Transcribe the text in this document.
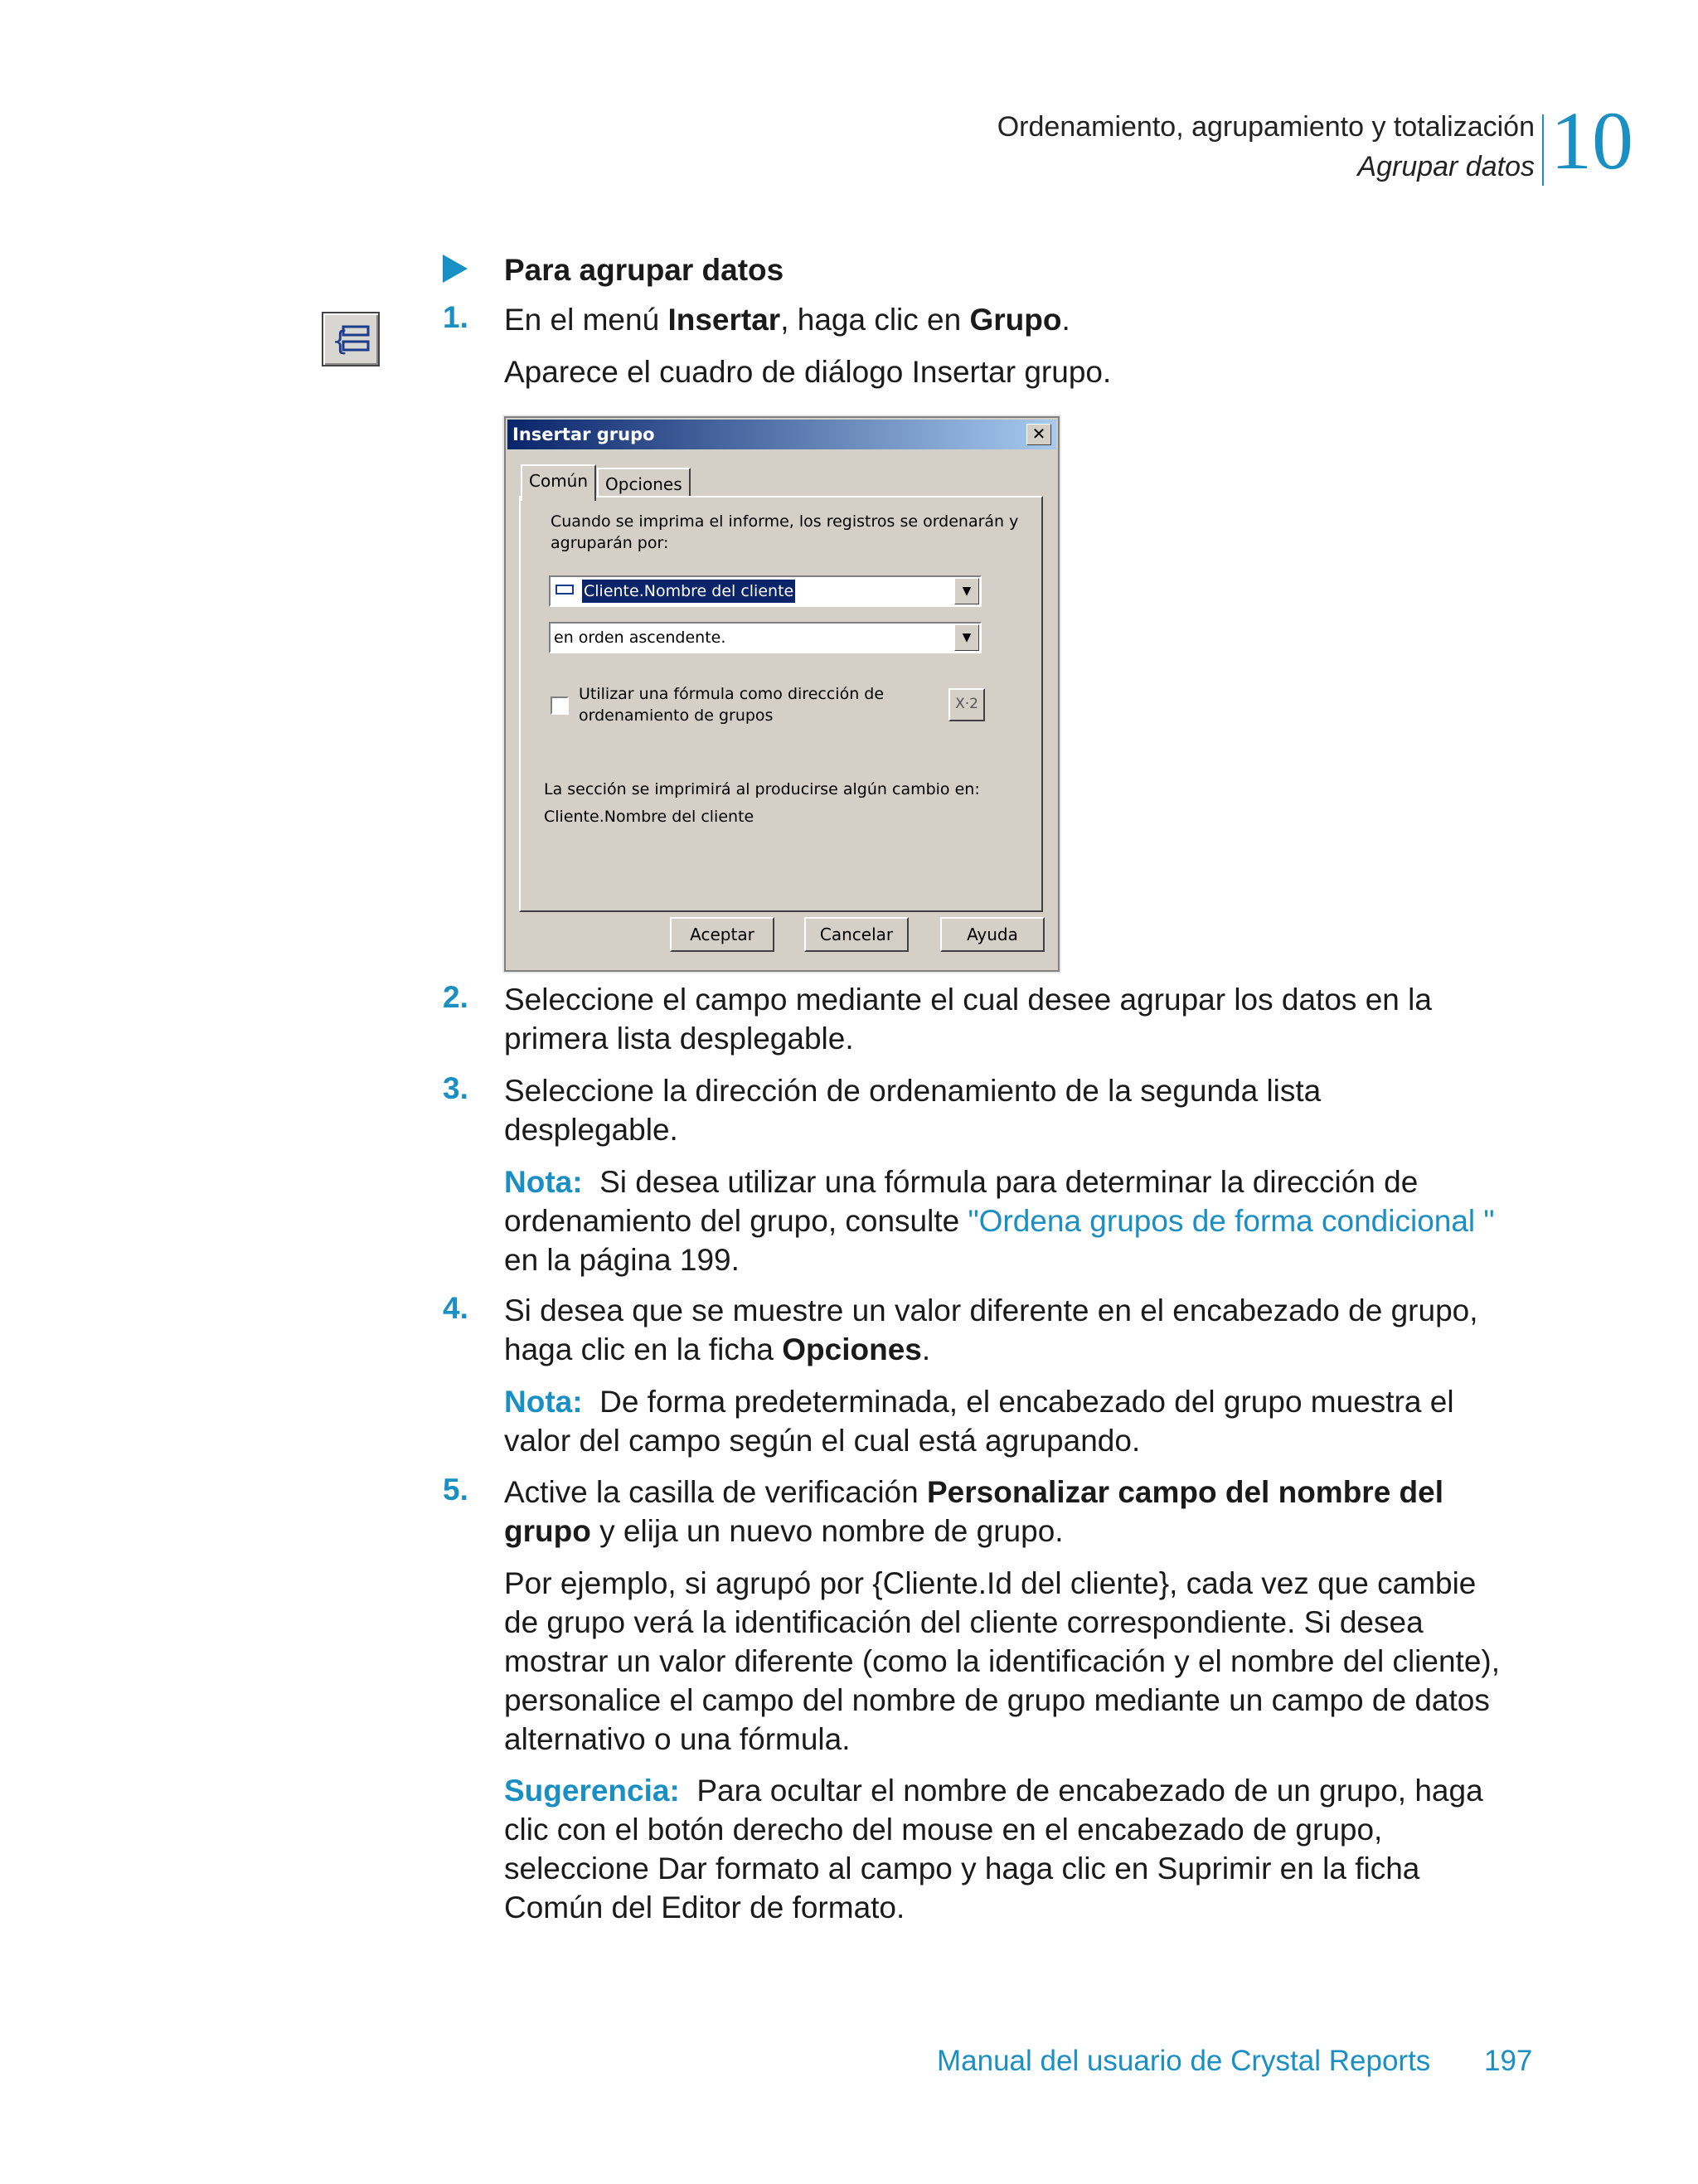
Ordenamiento, agrupamiento y totalización
Agrupar datos 10
Para agrupar datos
{
1. En el menú Insertar, haga clic en Grupo.
Aparece el cuadro de diálogo Insertar grupo.
Insertar grupo	✕
Común	Opciones
Cuando se imprima el informe, los registros se ordenarán y
agruparán por:
Cliente.Nombre del cliente	▼
en orden ascendente.	▼
Utilizar una fórmula como dirección de
ordenamiento de grupos
X·2
La sección se imprimirá al producirse algún cambio en:
Cliente.Nombre del cliente
Aceptar	Cancelar	Ayuda
2. Seleccione el campo mediante el cual desee agrupar los datos en la
primera lista desplegable.
3. Seleccione la dirección de ordenamiento de la segunda lista
desplegable.
Nota: Si desea utilizar una fórmula para determinar la dirección de
ordenamiento del grupo, consulte "Ordena grupos de forma condicional "
en la página 199.
4. Si desea que se muestre un valor diferente en el encabezado de grupo,
haga clic en la ficha Opciones.
Nota: De forma predeterminada, el encabezado del grupo muestra el
valor del campo según el cual está agrupando.
5. Active la casilla de verificación Personalizar campo del nombre del
grupo y elija un nuevo nombre de grupo.
Por ejemplo, si agrupó por {Cliente.Id del cliente}, cada vez que cambie
de grupo verá la identificación del cliente correspondiente. Si desea
mostrar un valor diferente (como la identificación y el nombre del cliente),
personalice el campo del nombre de grupo mediante un campo de datos
alternativo o una fórmula.
Sugerencia: Para ocultar el nombre de encabezado de un grupo, haga
clic con el botón derecho del mouse en el encabezado de grupo,
seleccione Dar formato al campo y haga clic en Suprimir en la ficha
Común del Editor de formato.
Manual del usuario de Crystal Reports 197
